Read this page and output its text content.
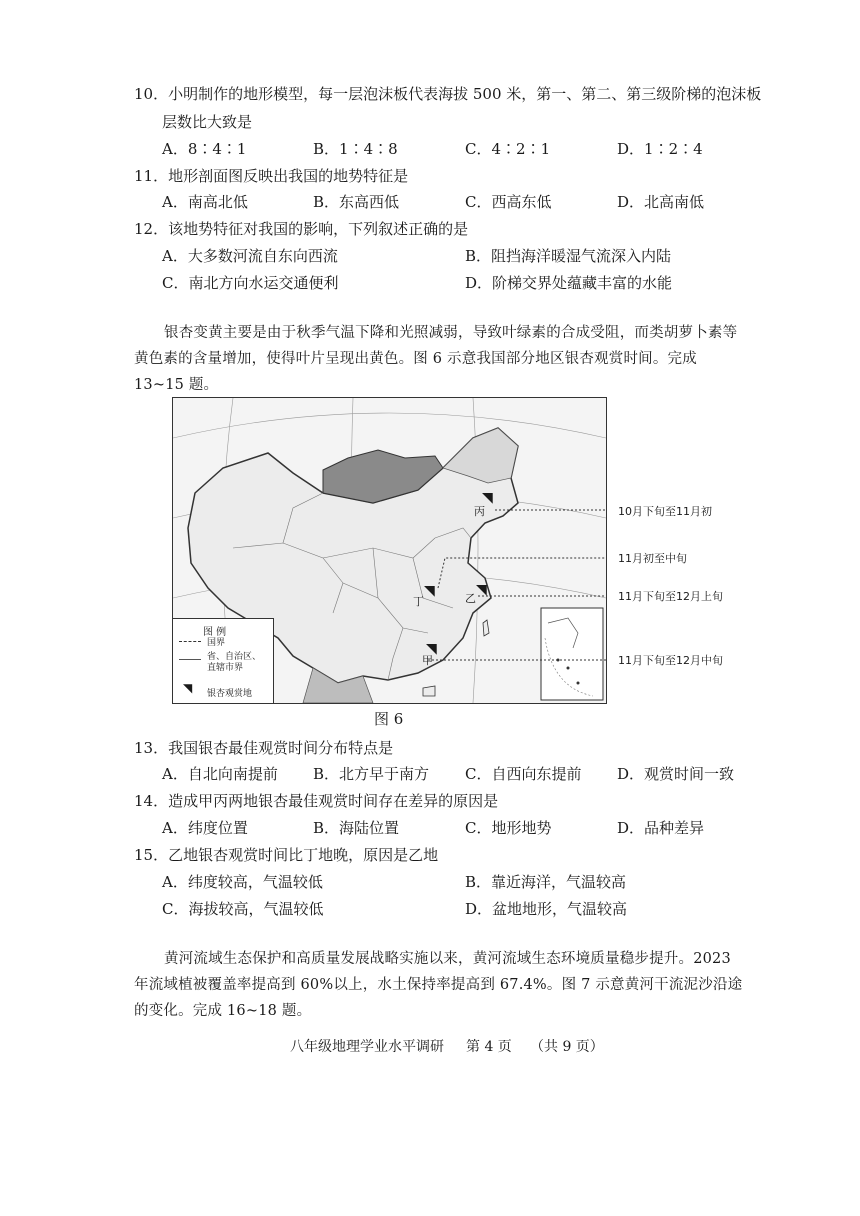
10．小明制作的地形模型，每一层泡沫板代表海拔 500 米，第一、第二、第三级阶梯的泡沫板
层数比大致是
A．8∶4∶1	B．1∶4∶8	C．4∶2∶1	D．1∶2∶4
11．地形剖面图反映出我国的地势特征是
A．南高北低	B．东高西低	C．西高东低	D．北高南低
12．该地势特征对我国的影响，下列叙述正确的是
A．大多数河流自东向西流	B．阻挡海洋暖湿气流深入内陆
C．南北方向水运交通便利	D．阶梯交界处蕴藏丰富的水能
银杏变黄主要是由于秋季气温下降和光照减弱，导致叶绿素的合成受阻，而类胡萝卜素等黄色素的含量增加，使得叶片呈现出黄色。图 6 示意我国部分地区银杏观赏时间。完成 13~15 题。
◥
◥	◥
◥
丙
乙
丁
甲
10月下旬至11月初
11月初至中旬
11月下旬至12月上旬
11月下旬至12月中旬
图 例
国界
省、自治区、直辖市界
◥ 银杏观赏地
图 6
13．我国银杏最佳观赏时间分布特点是
A．自北向南提前 B．北方早于南方 C．自西向东提前 D．观赏时间一致
14．造成甲丙两地银杏最佳观赏时间存在差异的原因是
A．纬度位置	B．海陆位置	C．地形地势	D．品种差异
15．乙地银杏观赏时间比丁地晚，原因是乙地
A．纬度较高，气温较低	B．靠近海洋，气温较高
C．海拔较高，气温较低	D．盆地地形，气温较高
黄河流域生态保护和高质量发展战略实施以来，黄河流域生态环境质量稳步提升。2023 年流域植被覆盖率提高到 60%以上，水土保持率提高到 67.4%。图 7 示意黄河干流泥沙沿途的变化。完成 16~18 题。
八年级地理学业水平调研 第 4 页 （共 9 页）
